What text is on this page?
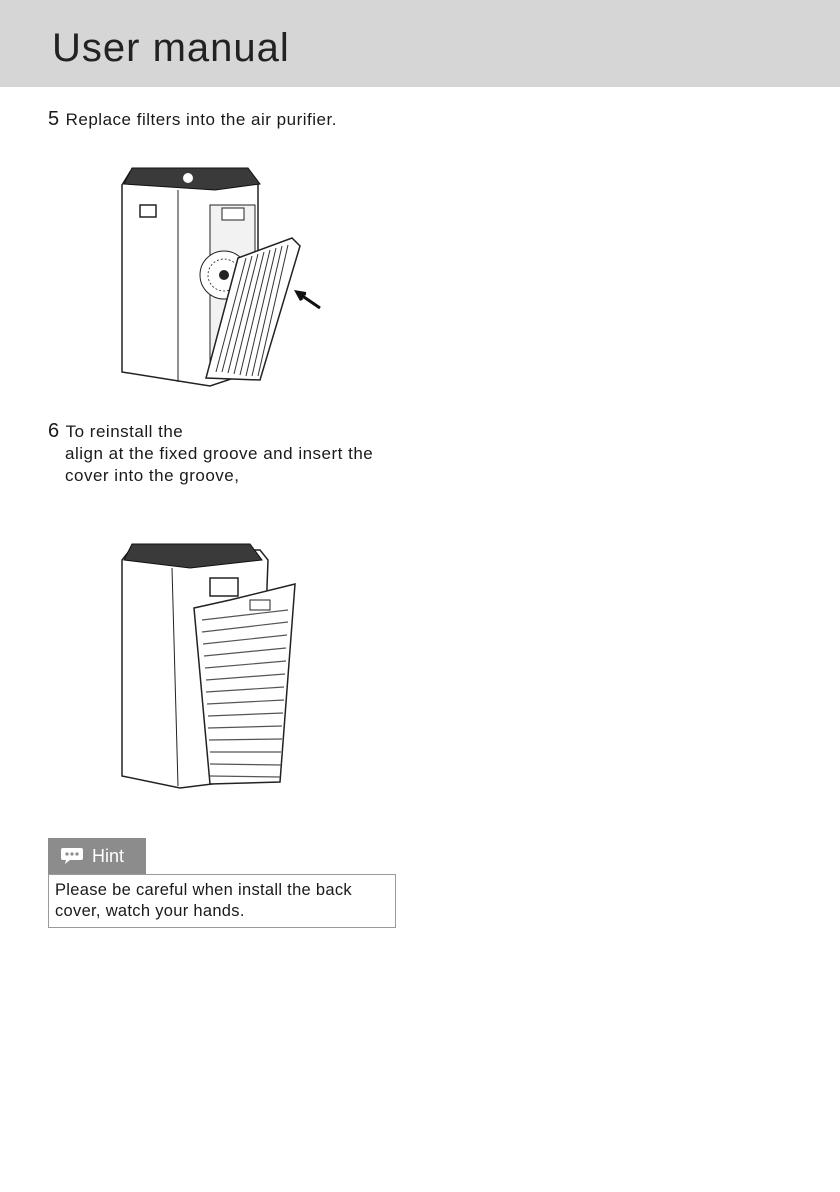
User manual
5 Replace filters into the air purifier.
6 To reinstall the
align at the fixed groove and insert the
cover into the groove,
Hint
Please be careful when install the back
cover, watch your hands.
